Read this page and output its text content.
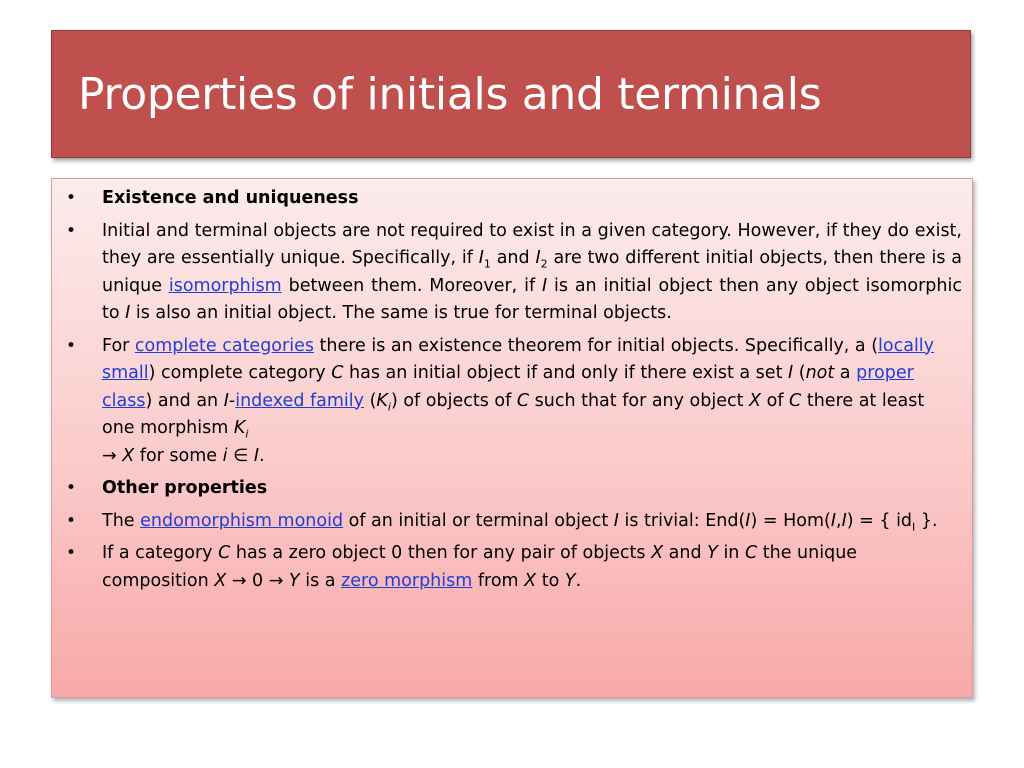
Properties of initials and terminals
• Existence and uniqueness
• Initial and terminal objects are not required to exist in a given category. However, if they do exist, they are essentially unique. Specifically, if $I_1$ and $I_2$ are two different initial objects, then there is a unique isomorphism between them. Moreover, if I is an initial object then any object isomorphic to I is also an initial object. The same is true for terminal objects.
• For complete categories there is an existence theorem for initial objects. Specifically, a (locally small) complete category C has an initial object if and only if there exist a set I (not a proper class) and an I-indexed family $(K_i)$ of objects of C such that for any object X of C there at least one morphism $K_i$
→ X for some i ∈ I.
• Other properties
• The endomorphism monoid of an initial or terminal object I is trivial: End(I) = Hom(I,I) = { $id_I$ }.
• If a category C has a zero object 0 then for any pair of objects X and Y in C the unique composition X → 0 → Y is a zero morphism from X to Y.
